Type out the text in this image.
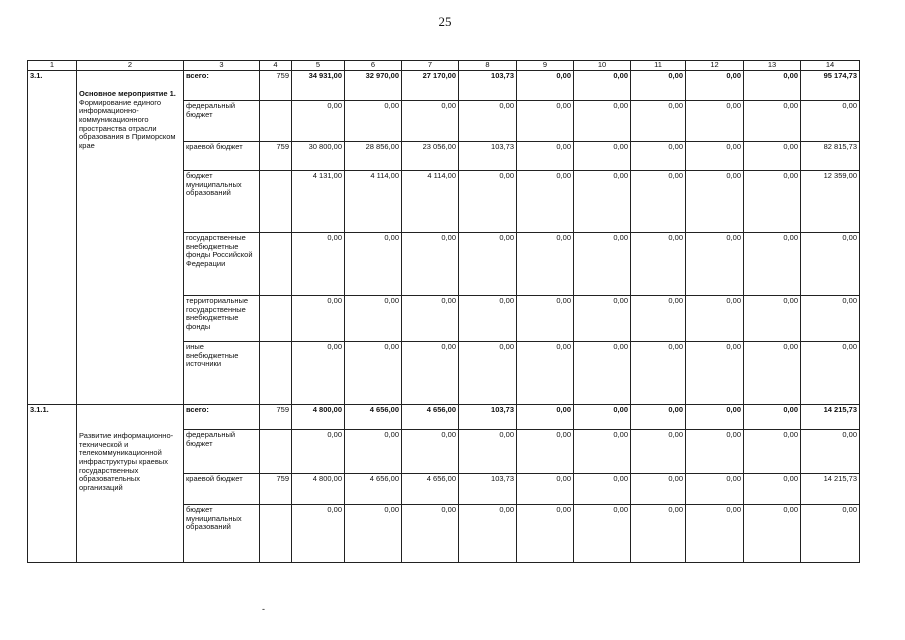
25
1	2	3	4	5	6	7	8	9	10	11	12	13	14
3.1.	Основное мероприятие 1.
Формирование единого информационно-коммуникационного пространства отрасли образования в Приморском крае	всего:	759	34 931,00	32 970,00	27 170,00	103,73	0,00	0,00	0,00	0,00	0,00	95 174,73
		федеральный бюджет		0,00	0,00	0,00	0,00	0,00	0,00	0,00	0,00	0,00	0,00
		краевой бюджет	759	30 800,00	28 856,00	23 056,00	103,73	0,00	0,00	0,00	0,00	0,00	82 815,73
		бюджет муниципальных образований		4 131,00	4 114,00	4 114,00	0,00	0,00	0,00	0,00	0,00	0,00	12 359,00
		государственные внебюджетные фонды Российской Федерации		0,00	0,00	0,00	0,00	0,00	0,00	0,00	0,00	0,00	0,00
		территориальные государственные внебюджетные фонды		0,00	0,00	0,00	0,00	0,00	0,00	0,00	0,00	0,00	0,00
		иные внебюджетные источники		0,00	0,00	0,00	0,00	0,00	0,00	0,00	0,00	0,00	0,00
3.1.1.	Развитие информационно-технической и телекоммуникационной инфраструктуры краевых государственных образовательных организаций	всего:	759	4 800,00	4 656,00	4 656,00	103,73	0,00	0,00	0,00	0,00	0,00	14 215,73
		федеральный бюджет		0,00	0,00	0,00	0,00	0,00	0,00	0,00	0,00	0,00	0,00
		краевой бюджет	759	4 800,00	4 656,00	4 656,00	103,73	0,00	0,00	0,00	0,00	0,00	14 215,73
		бюджет муниципальных образований		0,00	0,00	0,00	0,00	0,00	0,00	0,00	0,00	0,00	0,00
-
